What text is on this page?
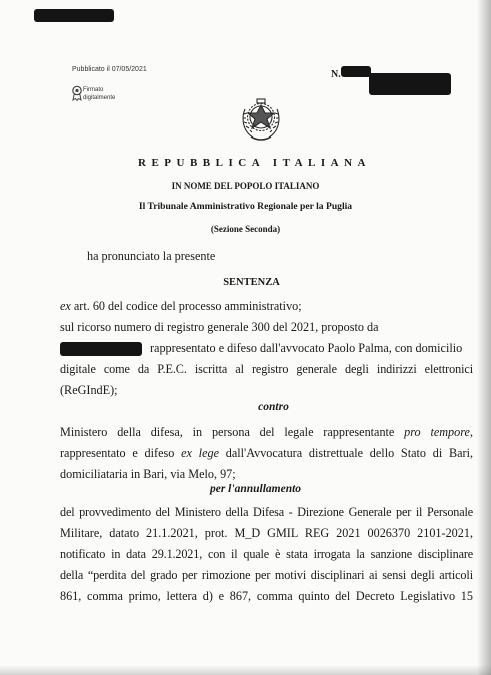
Pubblicato il 07/05/2021	N.
Firmato
digitalmente
REPUBBLICA ITALIANA
IN NOME DEL POPOLO ITALIANO
Il Tribunale Amministrativo Regionale per la Puglia
(Sezione Seconda)
ha pronunciato la presente
SENTENZA
ex art. 60 del codice del processo amministrativo;
sul ricorso numero di registro generale 300 del 2021, proposto da
rappresentato e difeso dall'avvocato Paolo Palma, con domicilio
digitale come da P.E.C. iscritta al registro generale degli indirizzi elettronici
(ReGIndE);
contro
Ministero della difesa, in persona del legale rappresentante pro tempore,
rappresentato e difeso ex lege dall'Avvocatura distrettuale dello Stato di Bari,
domiciliataria in Bari, via Melo, 97;
per l'annullamento
del provvedimento del Ministero della Difesa - Direzione Generale per il Personale
Militare, datato 21.1.2021, prot. M_D GMIL REG 2021 0026370 2101-2021,
notificato in data 29.1.2021, con il quale è stata irrogata la sanzione disciplinare
della “perdita del grado per rimozione per motivi disciplinari ai sensi degli articoli
861, comma primo, lettera d) e 867, comma quinto del Decreto Legislativo 15
